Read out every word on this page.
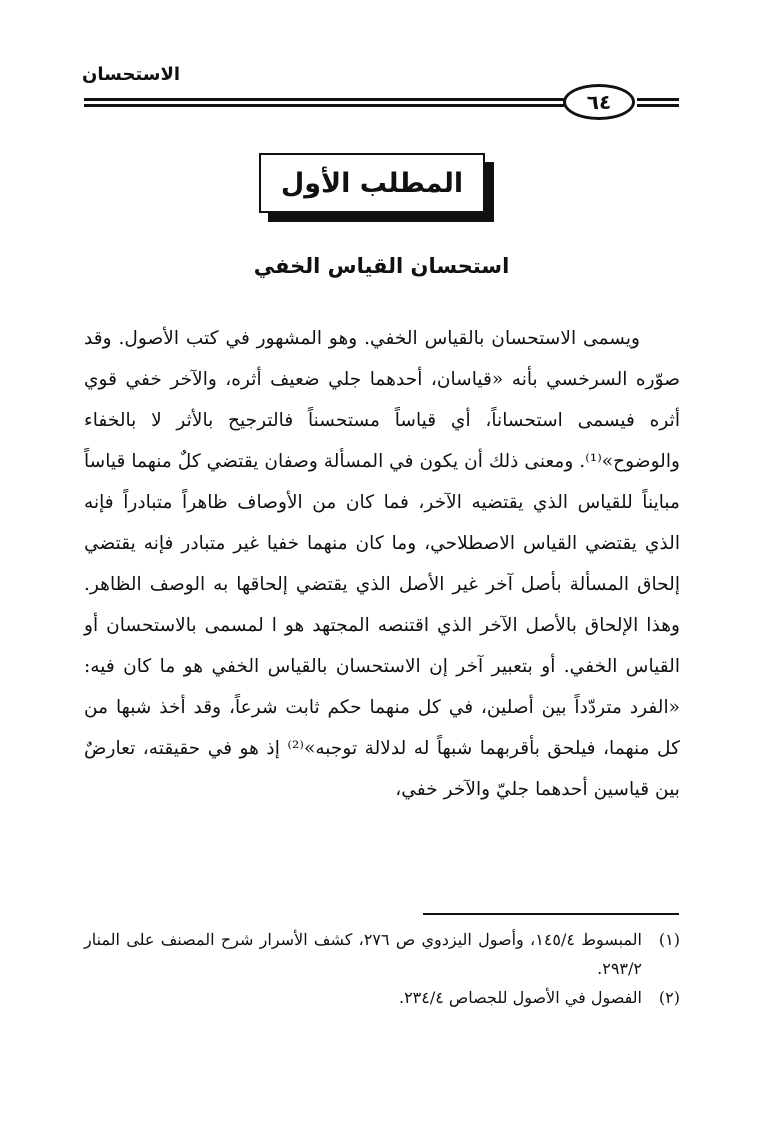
الاستحسان
٦٤
المطلب الأول
استحسان القياس الخفي

ويسمى الاستحسان بالقياس الخفي. وهو المشهور في كتب الأصول. وقد صوّره السرخسي بأنه «قياسان، أحدهما جلي ضعيف أثره، والآخر خفي قوي أثره فيسمى استحساناً، أي قياساً مستحسناً فالترجيح بالأثر لا بالخفاء والوضوح»⁽¹⁾. ومعنى ذلك أن يكون في المسألة وصفان يقتضي كلٌ منهما قياساً مبايناً للقياس الذي يقتضيه الآخر، فما كان من الأوصاف ظاهراً متبادراً فإنه الذي يقتضي القياس الاصطلاحي، وما كان منهما خفيا غير متبادر فإنه يقتضي إلحاق المسألة بأصل آخر غير الأصل الذي يقتضي إلحاقها به الوصف الظاهر. وهذا الإلحاق بالأصل الآخر الذي اقتنصه المجتهد هو ا لمسمى بالاستحسان أو القياس الخفي. أو بتعبير آخر إن الاستحسان بالقياس الخفي هو ما كان فيه: «الفرد متردّداً بين أصلين، في كل منهما حكم ثابت شرعاً، وقد أخذ شبها من كل منهما، فيلحق بأقربهما شبهاً له لدلالة توجبه»⁽²⁾ إذ هو في حقيقته، تعارضٌ بين قياسين أحدهما جليّ والآخر خفي،

(١)
المبسوط ١٤٥/٤، وأصول اليزدوي ص ٢٧٦، كشف الأسرار شرح المصنف على المنار ٢٩٣/٢.
(٢)
الفصول في الأصول للجصاص ٢٣٤/٤.
